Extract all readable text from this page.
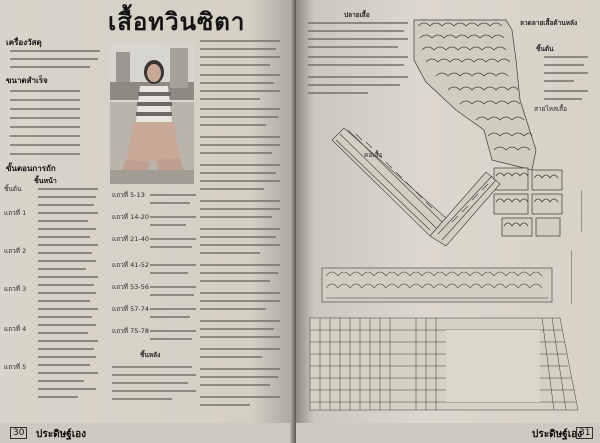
เสื้อทวินซิตา
เครื่องวัสดุ
ขนาดสำเร็จ
ขั้นตอนการถัก
ชิ้นหน้า
ชิ้นต้น
แถวที่ 1
แถวที่ 2
แถวที่ 3
แถวที่ 4
แถวที่ 5
แถวที่ 5-13
แถวที่ 14-20
แถวที่ 21-40
แถวที่ 41-52
แถวที่ 53-56
แถวที่ 57-74
แถวที่ 75-78
ชิ้นหลัง
30	ประดิษฐ์เอง
ปลายเสื้อ
—————————
———————
ลวดลายเสื้อด้านหลัง
ชิ้นต้น
คอเสื้อ
สายไหล่เสื้อ
ประดิษฐ์เอง
31
